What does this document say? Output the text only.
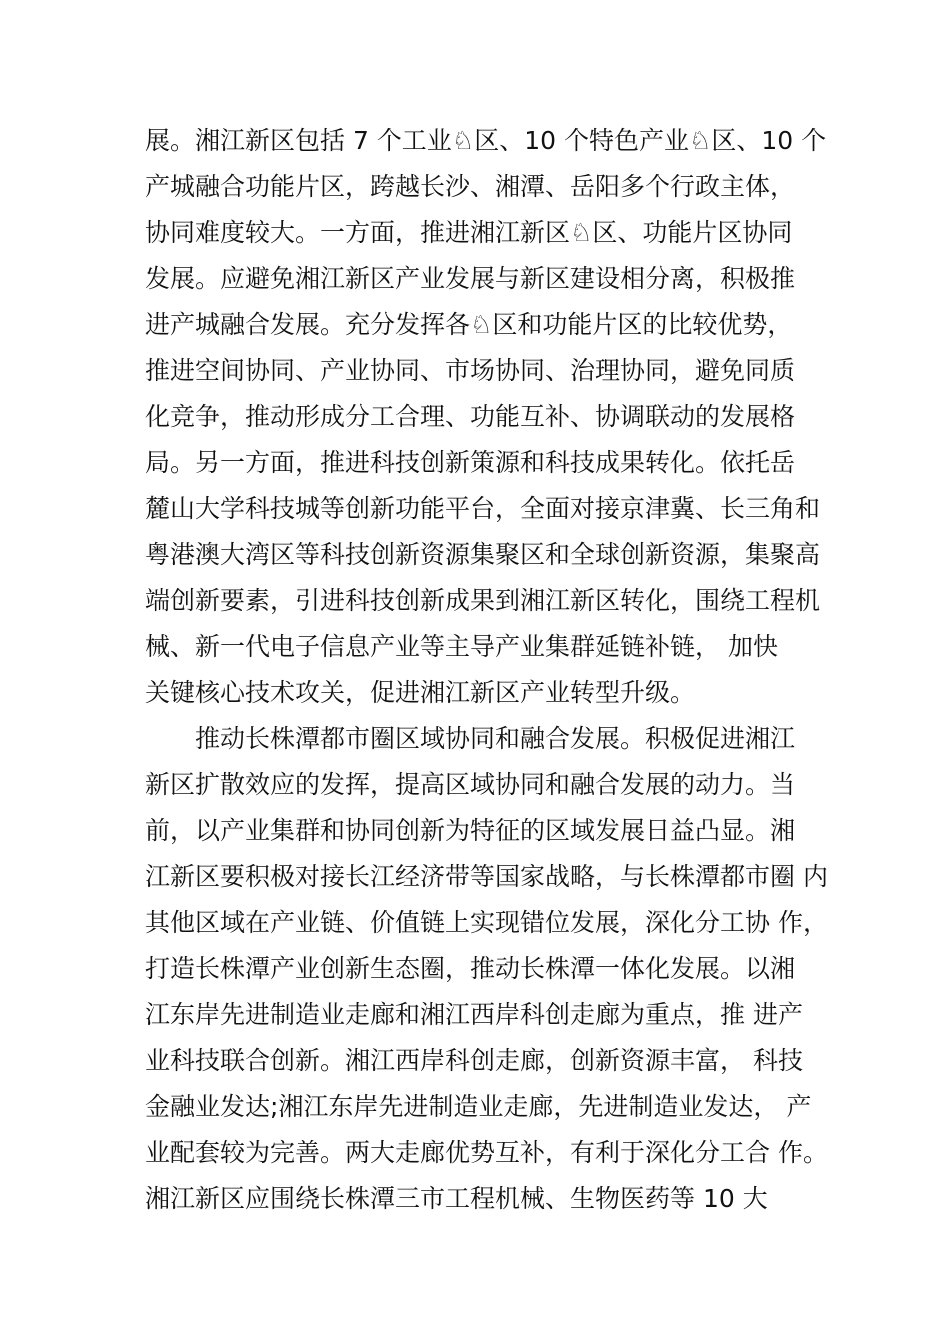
展。湘江新区包括 7 个工业♘区、10 个特色产业♘区、10 个
产城融合功能片区，跨越长沙、湘潭、岳阳多个行政主体，
协同难度较大。一方面，推进湘江新区♘区、功能片区协同
发展。应避免湘江新区产业发展与新区建设相分离，积极推
进产城融合发展。充分发挥各♘区和功能片区的比较优势，
推进空间协同、产业协同、市场协同、治理协同，避免同质
化竞争，推动形成分工合理、功能互补、协调联动的发展格
局。另一方面，推进科技创新策源和科技成果转化。依托岳
麓山大学科技城等创新功能平台，全面对接京津冀、长三角和
粤港澳大湾区等科技创新资源集聚区和全球创新资源，集聚高
端创新要素，引进科技创新成果到湘江新区转化，围绕工程机
械、新一代电子信息产业等主导产业集群延链补链， 加快
关键核心技术攻关，促进湘江新区产业转型升级。
推动长株潭都市圈区域协同和融合发展。积极促进湘江
新区扩散效应的发挥，提高区域协同和融合发展的动力。当
前，以产业集群和协同创新为特征的区域发展日益凸显。湘
江新区要积极对接长江经济带等国家战略，与长株潭都市圈 内
其他区域在产业链、价值链上实现错位发展，深化分工协 作，
打造长株潭产业创新生态圈，推动长株潭一体化发展。以湘
江东岸先进制造业走廊和湘江西岸科创走廊为重点，推 进产
业科技联合创新。湘江西岸科创走廊，创新资源丰富， 科技
金融业发达;湘江东岸先进制造业走廊，先进制造业发达， 产
业配套较为完善。两大走廊优势互补，有利于深化分工合 作。
湘江新区应围绕长株潭三市工程机械、生物医药等 10 大
